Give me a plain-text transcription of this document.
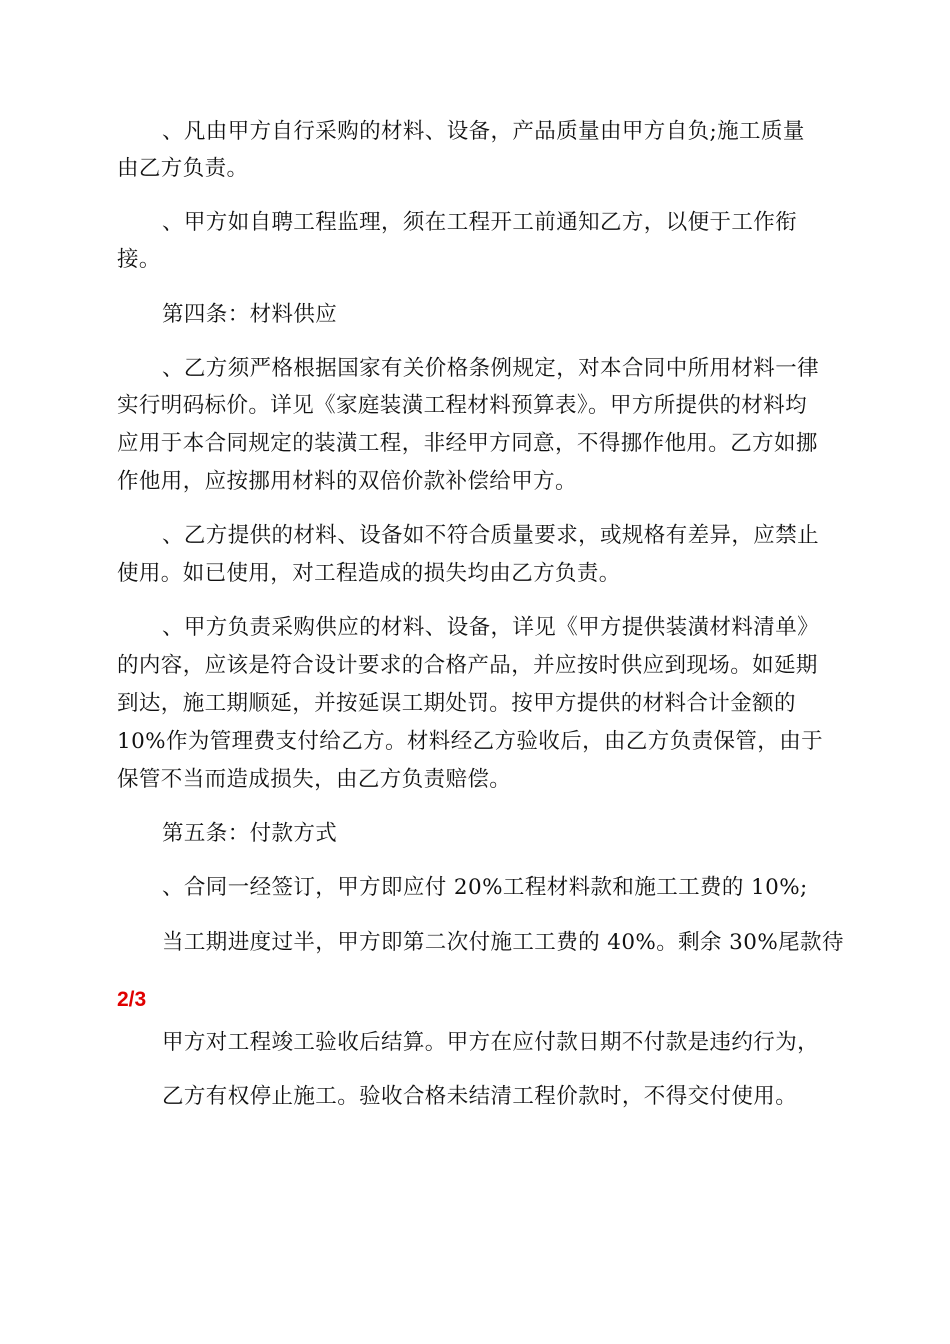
、凡由甲方自行采购的材料、设备，产品质量由甲方自负;施工质量
由乙方负责。
、甲方如自聘工程监理，须在工程开工前通知乙方，以便于工作衔
接。
第四条：材料供应
、乙方须严格根据国家有关价格条例规定，对本合同中所用材料一律
实行明码标价。详见《家庭装潢工程材料预算表》。甲方所提供的材料均
应用于本合同规定的装潢工程，非经甲方同意，不得挪作他用。乙方如挪
作他用，应按挪用材料的双倍价款补偿给甲方。
、乙方提供的材料、设备如不符合质量要求，或规格有差异，应禁止
使用。如已使用，对工程造成的损失均由乙方负责。
、甲方负责采购供应的材料、设备，详见《甲方提供装潢材料清单》
的内容，应该是符合设计要求的合格产品，并应按时供应到现场。如延期
到达，施工期顺延，并按延误工期处罚。按甲方提供的材料合计金额的
10%作为管理费支付给乙方。材料经乙方验收后，由乙方负责保管，由于
保管不当而造成损失，由乙方负责赔偿。
第五条：付款方式
、合同一经签订，甲方即应付 20%工程材料款和施工工费的 10%;
当工期进度过半，甲方即第二次付施工工费的 40%。剩余 30%尾款待
2/3
甲方对工程竣工验收后结算。甲方在应付款日期不付款是违约行为，
乙方有权停止施工。验收合格未结清工程价款时，不得交付使用。
